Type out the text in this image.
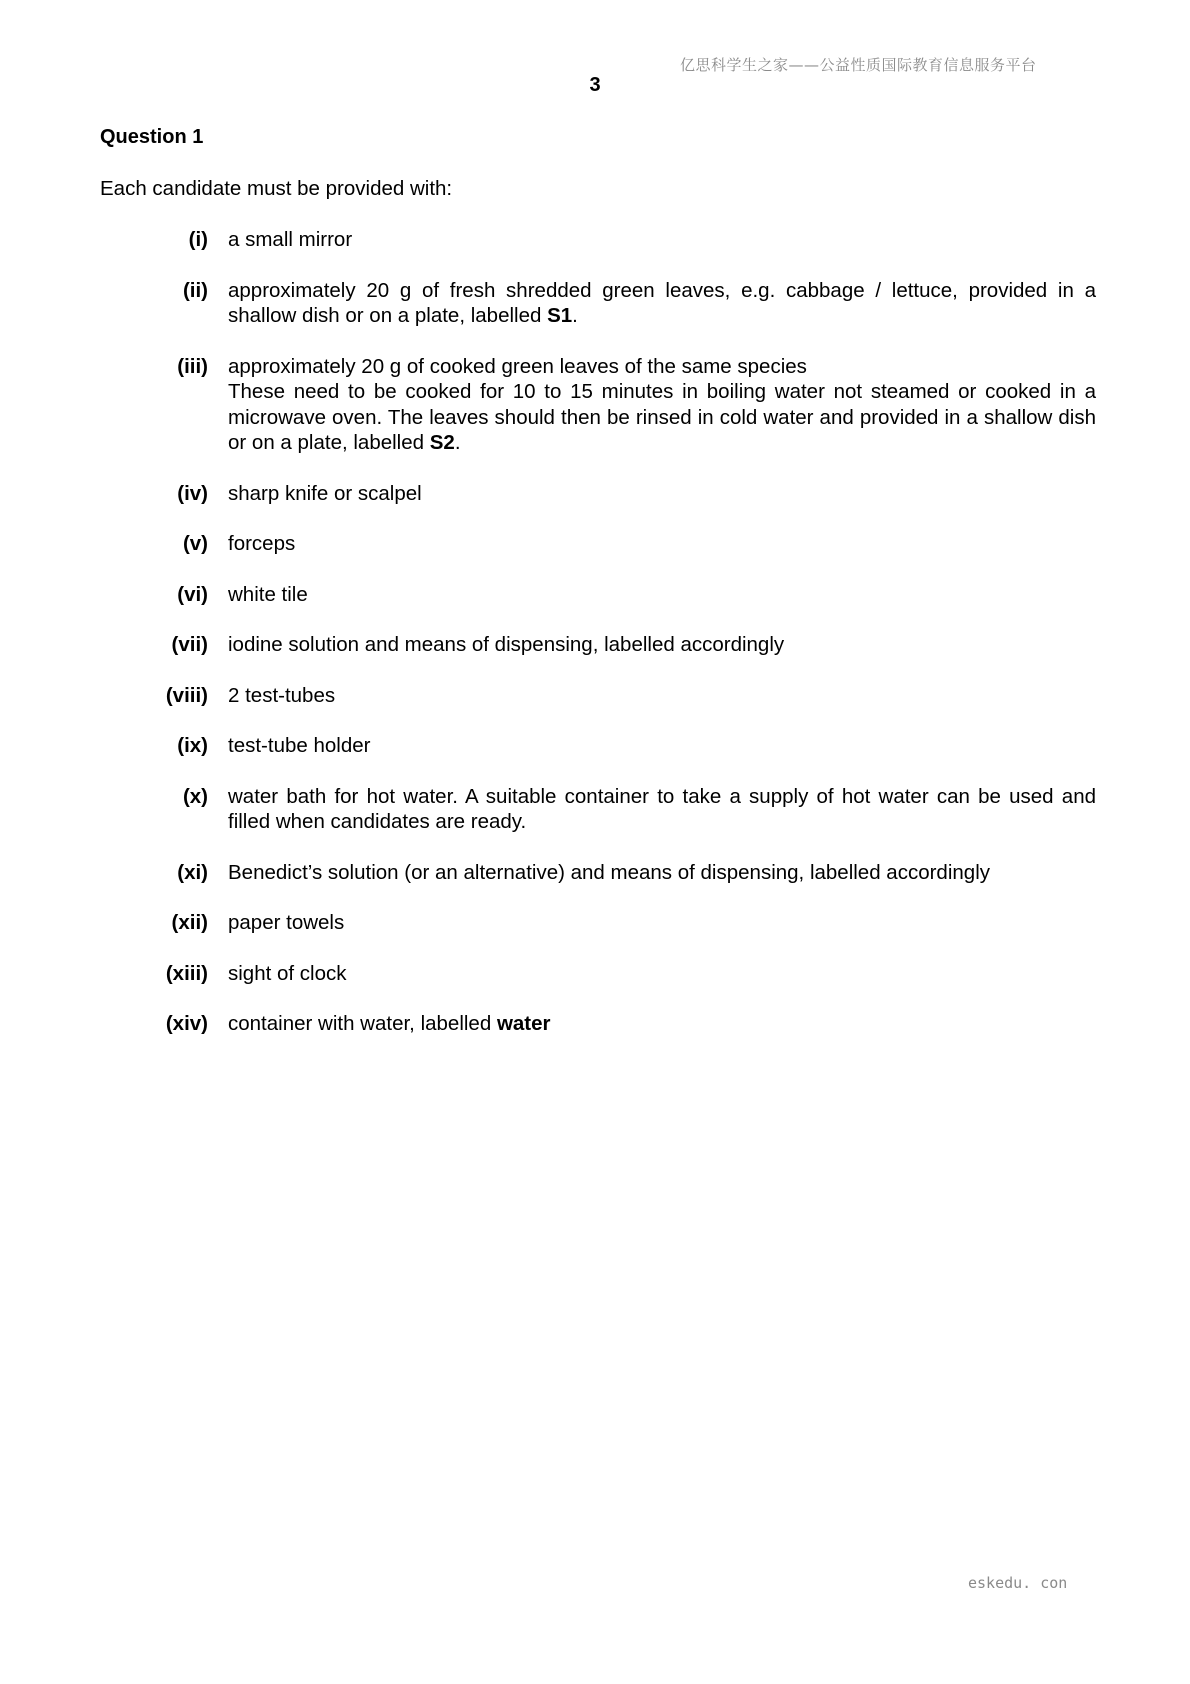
亿思科学生之家——公益性质国际教育信息服务平台
3
Question 1
Each candidate must be provided with:
(i) a small mirror
(ii) approximately 20 g of fresh shredded green leaves, e.g. cabbage / lettuce, provided in a shallow dish or on a plate, labelled S1.
(iii) approximately 20 g of cooked green leaves of the same species
These need to be cooked for 10 to 15 minutes in boiling water not steamed or cooked in a microwave oven. The leaves should then be rinsed in cold water and provided in a shallow dish or on a plate, labelled S2.
(iv) sharp knife or scalpel
(v) forceps
(vi) white tile
(vii) iodine solution and means of dispensing, labelled accordingly
(viii) 2 test-tubes
(ix) test-tube holder
(x) water bath for hot water. A suitable container to take a supply of hot water can be used and filled when candidates are ready.
(xi) Benedict’s solution (or an alternative) and means of dispensing, labelled accordingly
(xii) paper towels
(xiii) sight of clock
(xiv) container with water, labelled water
eskedu. con
